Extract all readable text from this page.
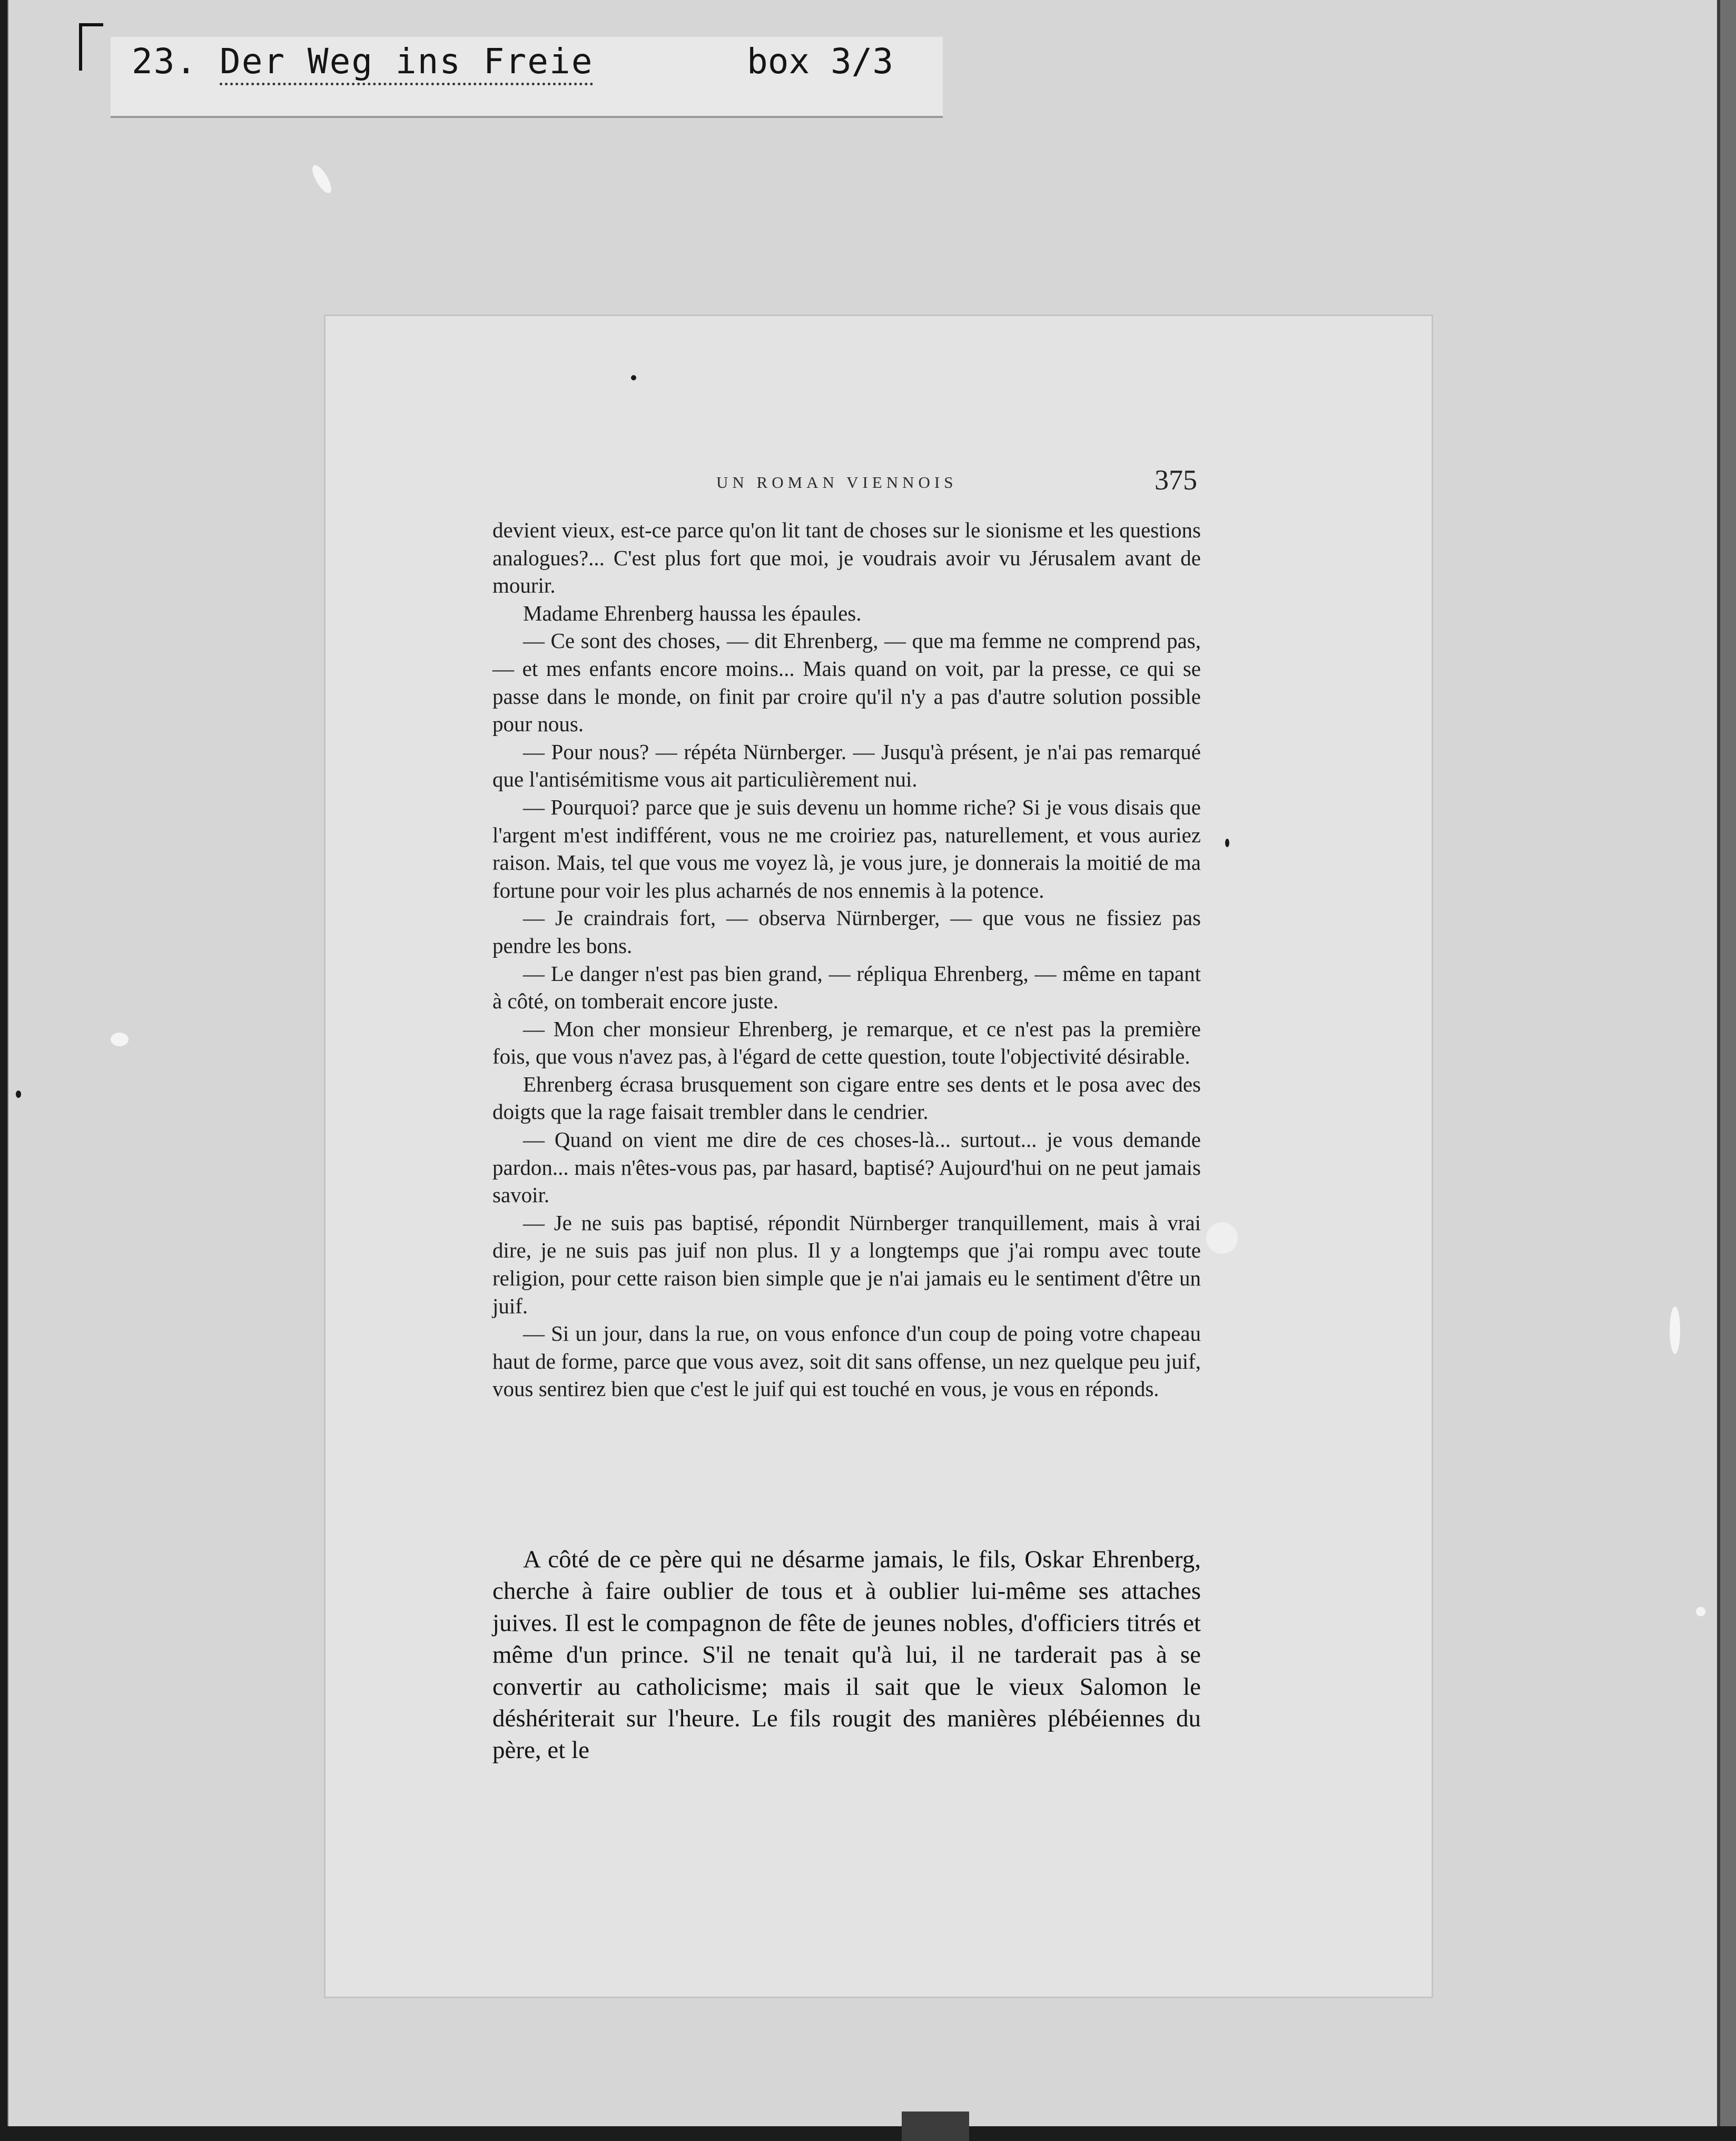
23. Der Weg ins Freie	box 3/3
UN ROMAN VIENNOIS	375

devient vieux, est-ce parce qu'on lit tant de choses sur le sionisme et les questions analogues?... C'est plus fort que moi, je voudrais avoir vu Jérusalem avant de mourir.

Madame Ehrenberg haussa les épaules.

— Ce sont des choses, — dit Ehrenberg, — que ma femme ne comprend pas, — et mes enfants encore moins... Mais quand on voit, par la presse, ce qui se passe dans le monde, on finit par croire qu'il n'y a pas d'autre solution possible pour nous.

— Pour nous? — répéta Nürnberger. — Jusqu'à présent, je n'ai pas remarqué que l'antisémitisme vous ait particulièrement nui.

— Pourquoi? parce que je suis devenu un homme riche? Si je vous disais que l'argent m'est indifférent, vous ne me croiriez pas, naturellement, et vous auriez raison. Mais, tel que vous me voyez là, je vous jure, je donnerais la moitié de ma fortune pour voir les plus acharnés de nos ennemis à la potence.

— Je craindrais fort, — observa Nürnberger, — que vous ne fissiez pas pendre les bons.

— Le danger n'est pas bien grand, — répliqua Ehrenberg, — même en tapant à côté, on tomberait encore juste.

— Mon cher monsieur Ehrenberg, je remarque, et ce n'est pas la première fois, que vous n'avez pas, à l'égard de cette question, toute l'objectivité désirable.

Ehrenberg écrasa brusquement son cigare entre ses dents et le posa avec des doigts que la rage faisait trembler dans le cendrier.

— Quand on vient me dire de ces choses-là... surtout... je vous demande pardon... mais n'êtes-vous pas, par hasard, baptisé? Aujourd'hui on ne peut jamais savoir.

— Je ne suis pas baptisé, répondit Nürnberger tranquillement, mais à vrai dire, je ne suis pas juif non plus. Il y a longtemps que j'ai rompu avec toute religion, pour cette raison bien simple que je n'ai jamais eu le sentiment d'être un juif.

— Si un jour, dans la rue, on vous enfonce d'un coup de poing votre chapeau haut de forme, parce que vous avez, soit dit sans offense, un nez quelque peu juif, vous sentirez bien que c'est le juif qui est touché en vous, je vous en réponds.

A côté de ce père qui ne désarme jamais, le fils, Oskar Ehrenberg, cherche à faire oublier de tous et à oublier lui-même ses attaches juives. Il est le compagnon de fête de jeunes nobles, d'officiers titrés et même d'un prince. S'il ne tenait qu'à lui, il ne tarderait pas à se convertir au catholicisme; mais il sait que le vieux Salomon le déshériterait sur l'heure. Le fils rougit des manières plébéiennes du père, et le
